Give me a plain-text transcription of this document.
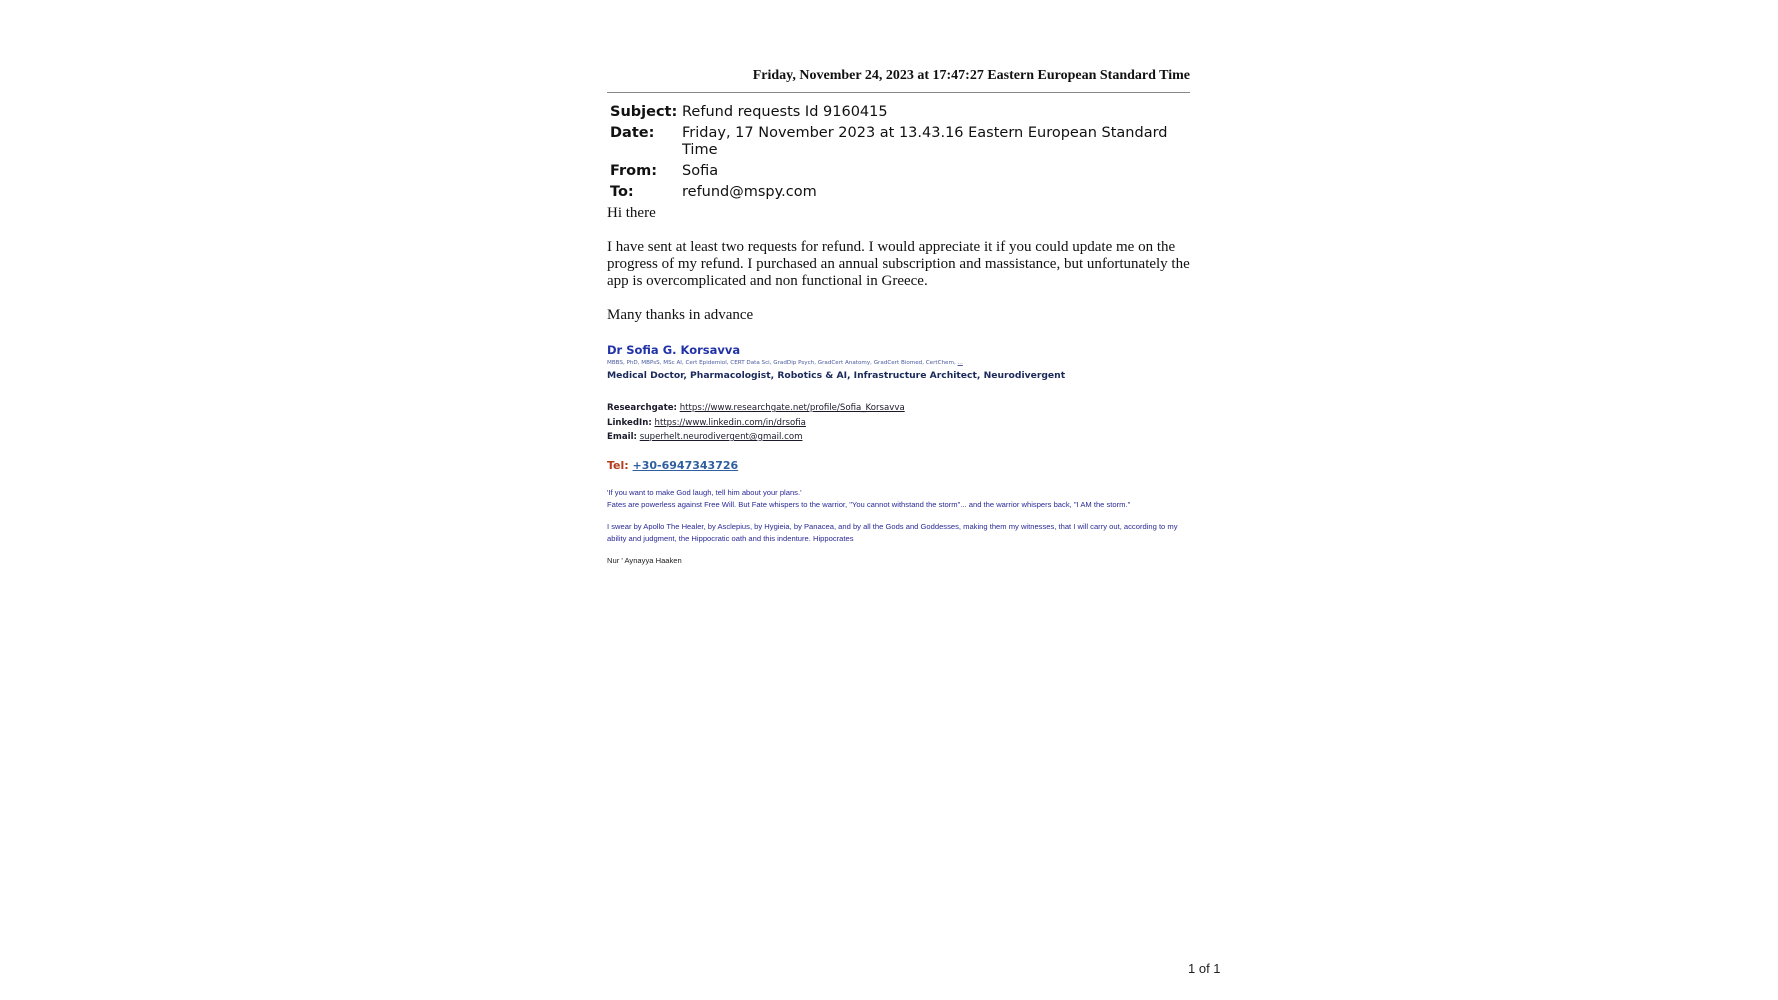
Friday, November 24, 2023 at 17:47:27 Eastern European Standard Time
Subject: Refund requests Id 9160415
Date:	Friday, 17 November 2023 at 13.43.16 Eastern European Standard Time
From:	Sofia
To:	refund@mspy.com

Hi there

I have sent at least two requests for refund. I would appreciate it if you could update me on the progress of my refund. I purchased an annual subscription and massistance, but unfortunately the app is overcomplicated and non functional in Greece.

Many thanks in advance

Dr Sofia G. Korsavva
MBBS, PhD, MBPsS, MSc AI, Cert Epidemiol, CERT Data Sci, GradDip Psych, GradCert Anatomy, GradCert Biomed, CertChem, ...
Medical Doctor, Pharmacologist, Robotics & AI, Infrastructure Architect, Neurodivergent
Researchgate: https://www.researchgate.net/profile/Sofia_Korsavva
LinkedIn: https://www.linkedin.com/in/drsofia
Email: superhelt.neurodivergent@gmail.com
Tel: +30-6947343726

'If you want to make God laugh, tell him about your plans.'
Fates are powerless against Free Will. But Fate whispers to the warrior, "You cannot withstand the storm"... and the warrior whispers back, "I AM the storm."

I swear by Apollo The Healer, by Asclepius, by Hygieia, by Panacea, and by all the Gods and Goddesses, making them my witnesses, that I will carry out, according to my ability and judgment, the Hippocratic oath and this indenture. Hippocrates

Nur ' Aynayya Haaken

1 of 1
